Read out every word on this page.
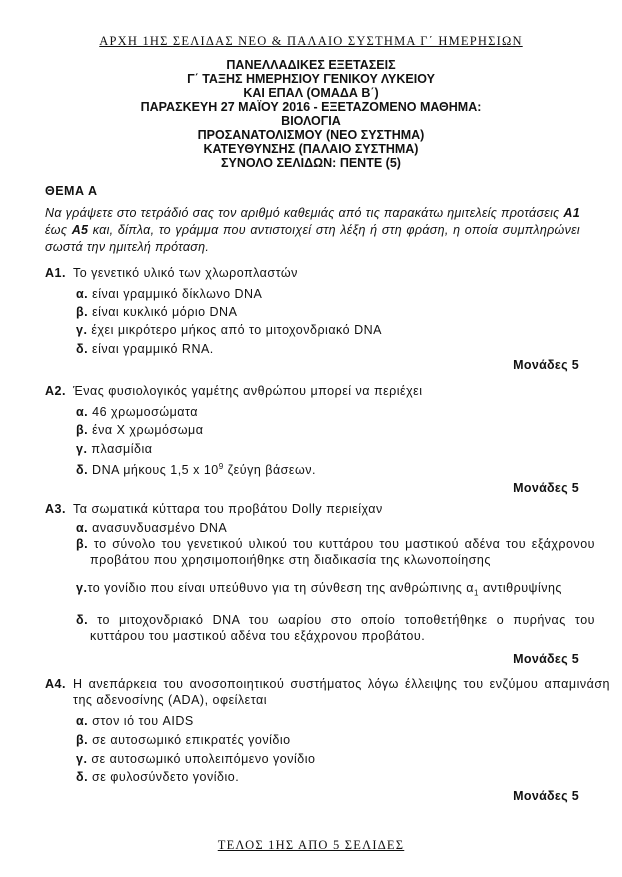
ΑΡΧΗ 1ΗΣ ΣΕΛΙΔΑΣ ΝΕΟ & ΠΑΛΑΙΟ ΣΥΣΤΗΜΑ Γ΄ ΗΜΕΡΗΣΙΩΝ
ΠΑΝΕΛΛΑΔΙΚΕΣ ΕΞΕΤΑΣΕΙΣ
Γ΄ ΤΑΞΗΣ ΗΜΕΡΗΣΙΟΥ ΓΕΝΙΚΟΥ ΛΥΚΕΙΟΥ
ΚΑΙ ΕΠΑΛ (ΟΜΑΔΑ Β΄)
ΠΑΡΑΣΚΕΥΗ 27 ΜΑΪΟΥ 2016 - ΕΞΕΤΑΖΟΜΕΝΟ ΜΑΘΗΜΑ:
ΒΙΟΛΟΓΙΑ
ΠΡΟΣΑΝΑΤΟΛΙΣΜΟΥ (ΝΕΟ ΣΥΣΤΗΜΑ)
ΚΑΤΕΥΘΥΝΣΗΣ (ΠΑΛΑΙΟ ΣΥΣΤΗΜΑ)
ΣΥΝΟΛΟ ΣΕΛΙΔΩΝ: ΠΕΝΤΕ (5)
ΘΕΜΑ Α
Να γράψετε στο τετράδιό σας τον αριθμό καθεμιάς από τις παρακάτω ημιτελείς προτάσεις Α1 έως Α5 και, δίπλα, το γράμμα που αντιστοιχεί στη λέξη ή στη φράση, η οποία συμπληρώνει σωστά την ημιτελή πρόταση.
Α1. Το γενετικό υλικό των χλωροπλαστών
α. είναι γραμμικό δίκλωνο DNA
β. είναι κυκλικό μόριο DNA
γ. έχει μικρότερο μήκος από το μιτοχονδριακό DNA
δ. είναι γραμμικό RNA.
Μονάδες 5
Α2. Ένας φυσιολογικός γαμέτης ανθρώπου μπορεί να περιέχει
α. 46 χρωμοσώματα
β. ένα Χ χρωμόσωμα
γ. πλασμίδια
δ. DNA μήκους 1,5 x $10^9$ ζεύγη βάσεων.
Μονάδες 5
Α3. Τα σωματικά κύτταρα του προβάτου Dolly περιείχαν
α. ανασυνδυασμένο DNA
β. το σύνολο του γενετικού υλικού του κυττάρου του μαστικού αδένα του εξάχρονου προβάτου που χρησιμοποιήθηκε στη διαδικασία της κλωνοποίησης
γ.το γονίδιο που είναι υπεύθυνο για τη σύνθεση της ανθρώπινης $\alpha_1$ αντιθρυψίνης
δ. το μιτοχονδριακό DNA του ωαρίου στο οποίο τοποθετήθηκε ο πυρήνας του κυττάρου του μαστικού αδένα του εξάχρονου προβάτου.
Μονάδες 5
Α4. Η ανεπάρκεια του ανοσοποιητικού συστήματος λόγω έλλειψης του ενζύμου απαμινάση της αδενοσίνης (ADA), οφείλεται
α. στον ιό του AIDS
β. σε αυτοσωμικό επικρατές γονίδιο
γ. σε αυτοσωμικό υπολειπόμενο γονίδιο
δ. σε φυλοσύνδετο γονίδιο.
Μονάδες 5
ΤΕΛΟΣ 1ΗΣ ΑΠΟ 5 ΣΕΛΙΔΕΣ
